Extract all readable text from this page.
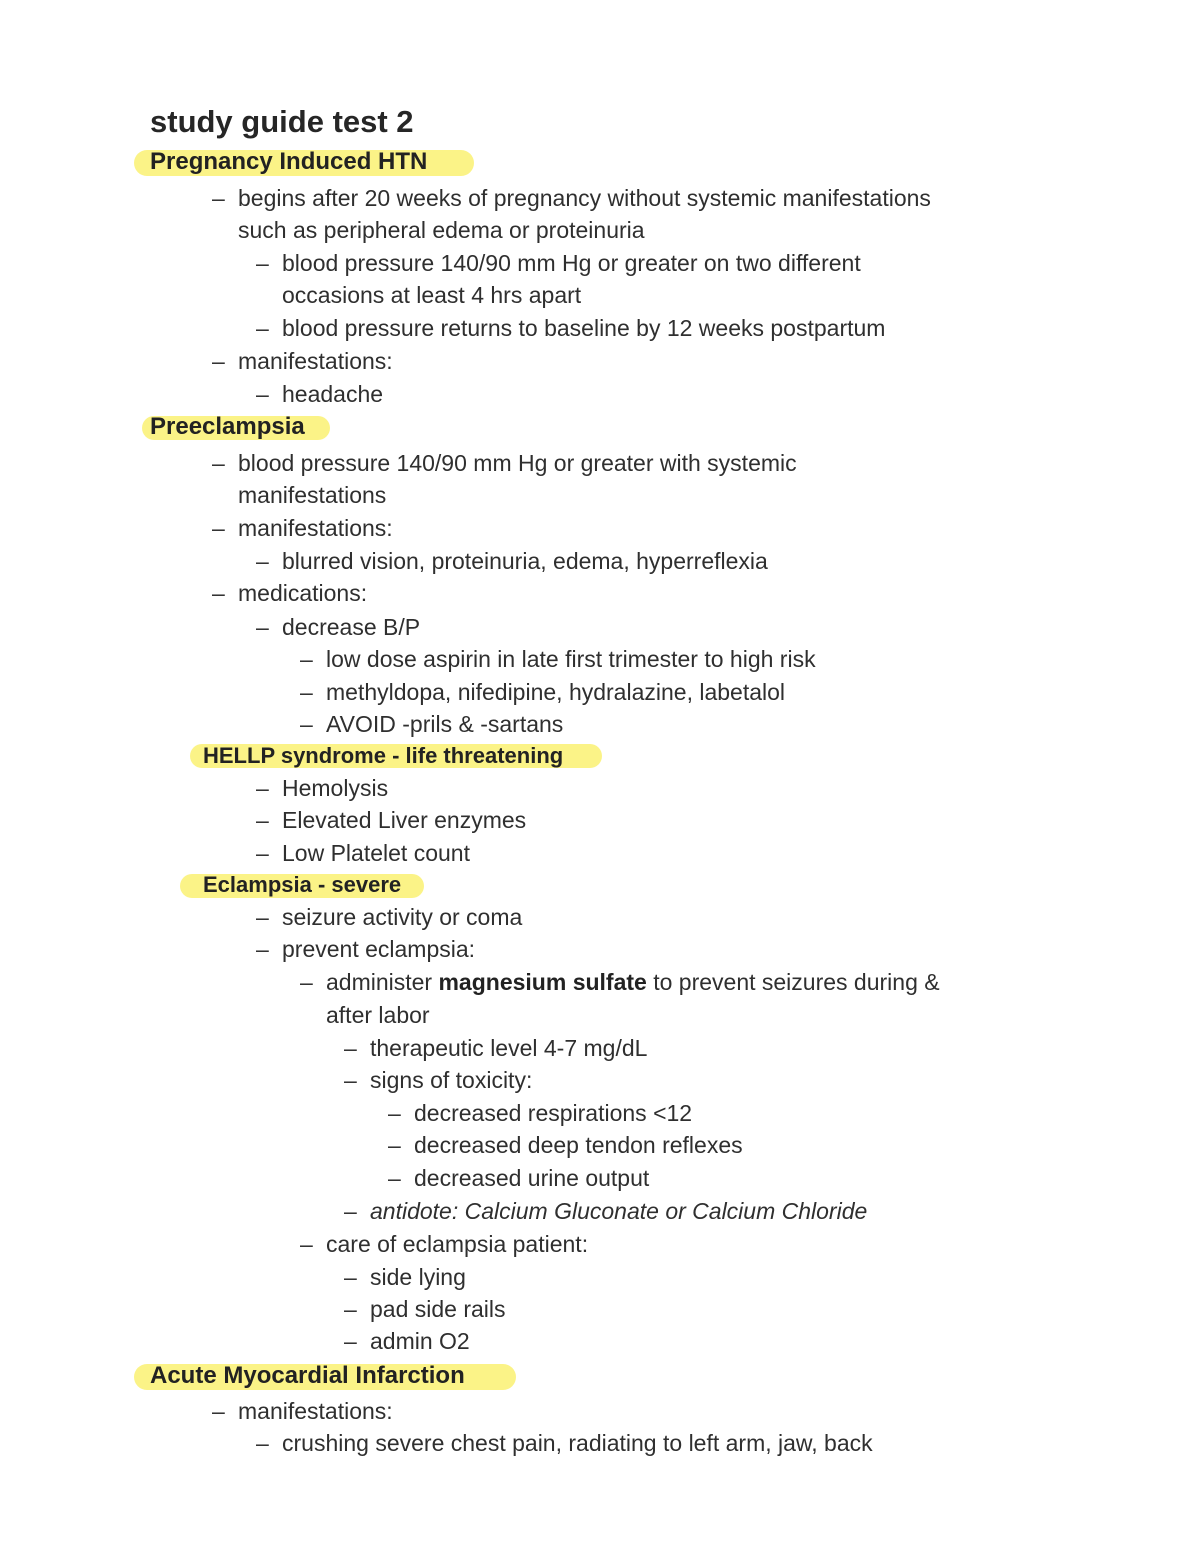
study guide test 2
Pregnancy Induced HTN
– begins after 20 weeks of pregnancy without systemic manifestations
such as peripheral edema or proteinuria
– blood pressure 140/90 mm Hg or greater on two different
occasions at least 4 hrs apart
– blood pressure returns to baseline by 12 weeks postpartum
– manifestations:
– headache
Preeclampsia
– blood pressure 140/90 mm Hg or greater with systemic
manifestations
– manifestations:
– blurred vision, proteinuria, edema, hyperreflexia
– medications:
– decrease B/P
– low dose aspirin in late first trimester to high risk
– methyldopa, nifedipine, hydralazine, labetalol
– AVOID -prils & -sartans
HELLP syndrome - life threatening
– Hemolysis
– Elevated Liver enzymes
– Low Platelet count
Eclampsia - severe
– seizure activity or coma
– prevent eclampsia:
– administer magnesium sulfate to prevent seizures during &
after labor
– therapeutic level 4-7 mg/dL
– signs of toxicity:
– decreased respirations <12
– decreased deep tendon reflexes
– decreased urine output
– antidote: Calcium Gluconate or Calcium Chloride
– care of eclampsia patient:
– side lying
– pad side rails
– admin O2
Acute Myocardial Infarction
– manifestations:
– crushing severe chest pain, radiating to left arm, jaw, back
